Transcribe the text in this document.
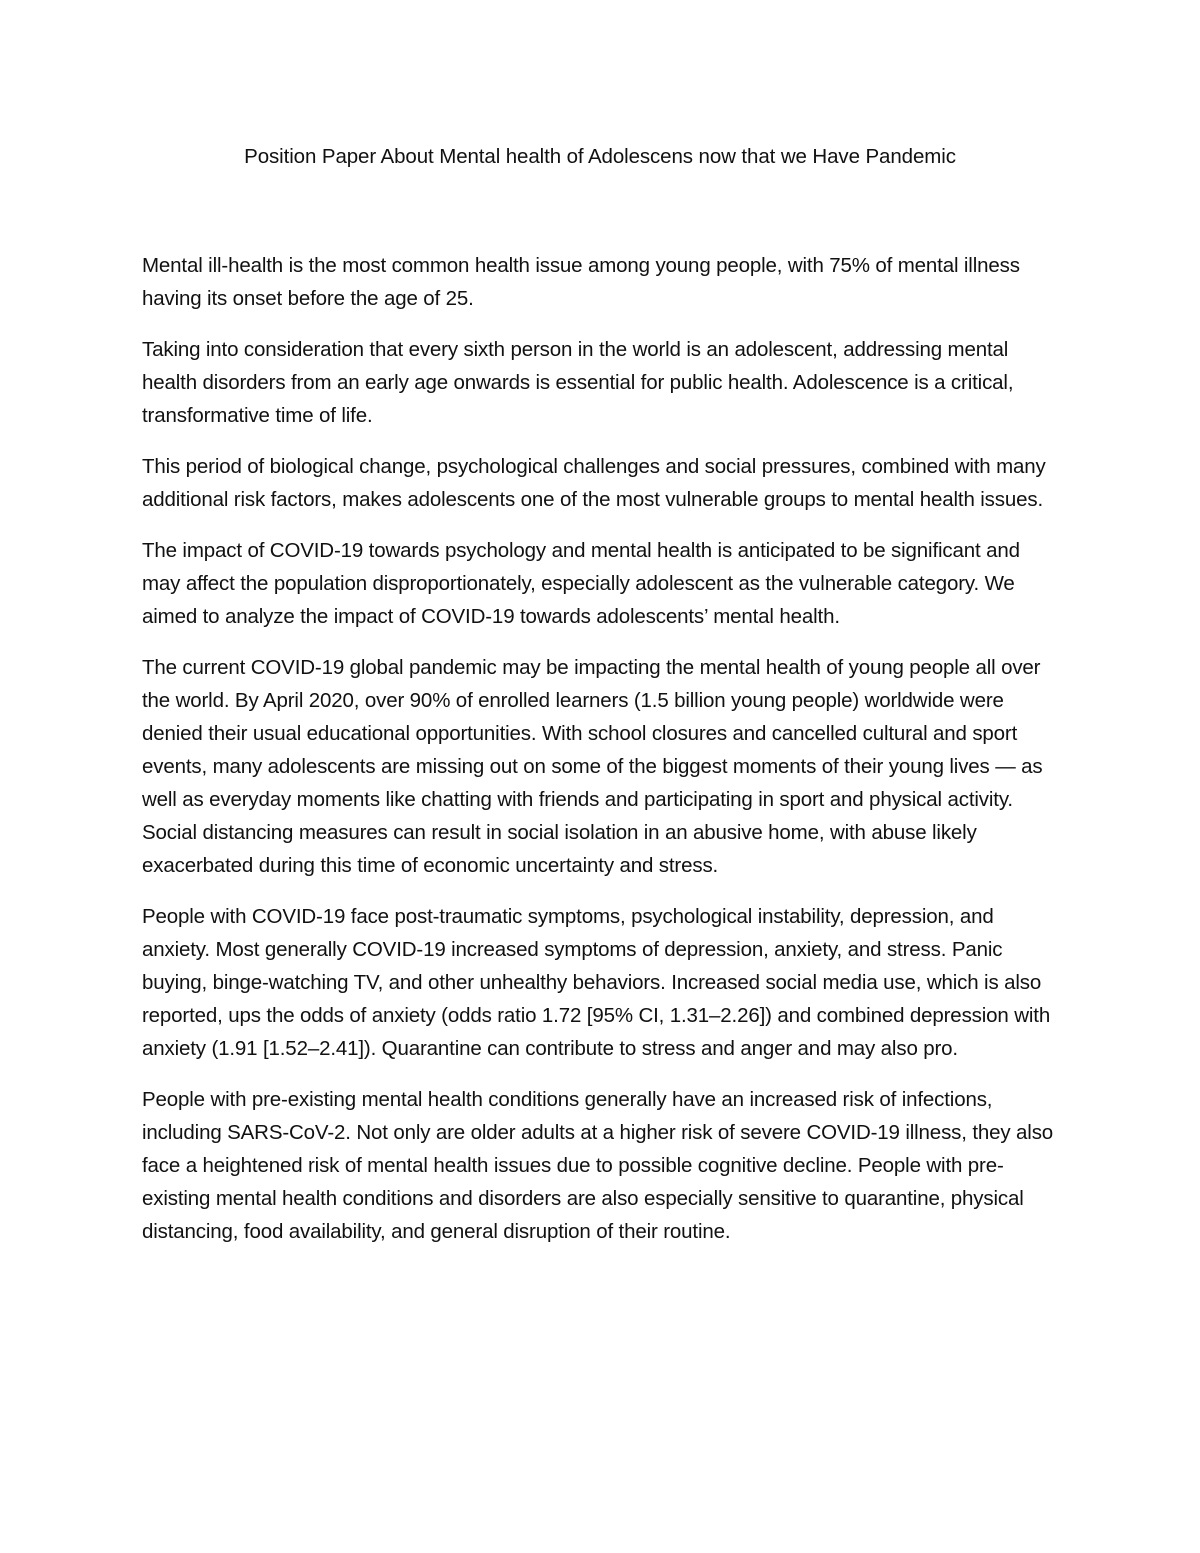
Position Paper About Mental health of Adolescens now that we Have Pandemic

Mental ill-health is the most common health issue among young people, with 75% of mental illness having its onset before the age of 25.

Taking into consideration that every sixth person in the world is an adolescent, addressing mental health disorders from an early age onwards is essential for public health. Adolescence is a critical, transformative time of life.

This period of biological change, psychological challenges and social pressures, combined with many additional risk factors, makes adolescents one of the most vulnerable groups to mental health issues.

The impact of COVID-19 towards psychology and mental health is anticipated to be significant and may affect the population disproportionately, especially adolescent as the vulnerable category. We aimed to analyze the impact of COVID-19 towards adolescents’ mental health.

The current COVID-19 global pandemic may be impacting the mental health of young people all over the world. By April 2020, over 90% of enrolled learners (1.5 billion young people) worldwide were denied their usual educational opportunities. With school closures and cancelled cultural and sport events, many adolescents are missing out on some of the biggest moments of their young lives — as well as everyday moments like chatting with friends and participating in sport and physical activity. Social distancing measures can result in social isolation in an abusive home, with abuse likely exacerbated during this time of economic uncertainty and stress.

People with COVID-19 face post-traumatic symptoms, psychological instability, depression, and anxiety. Most generally COVID-19 increased symptoms of depression, anxiety, and stress. Panic buying, binge-watching TV, and other unhealthy behaviors. Increased social media use, which is also reported, ups the odds of anxiety (odds ratio 1.72 [95% CI, 1.31–2.26]) and combined depression with anxiety (1.91 [1.52–2.41]). Quarantine can contribute to stress and anger and may also pro.

People with pre-existing mental health conditions generally have an increased risk of infections, including SARS-CoV-2. Not only are older adults at a higher risk of severe COVID-19 illness, they also face a heightened risk of mental health issues due to possible cognitive decline. People with pre-existing mental health conditions and disorders are also especially sensitive to quarantine, physical distancing, food availability, and general disruption of their routine.
